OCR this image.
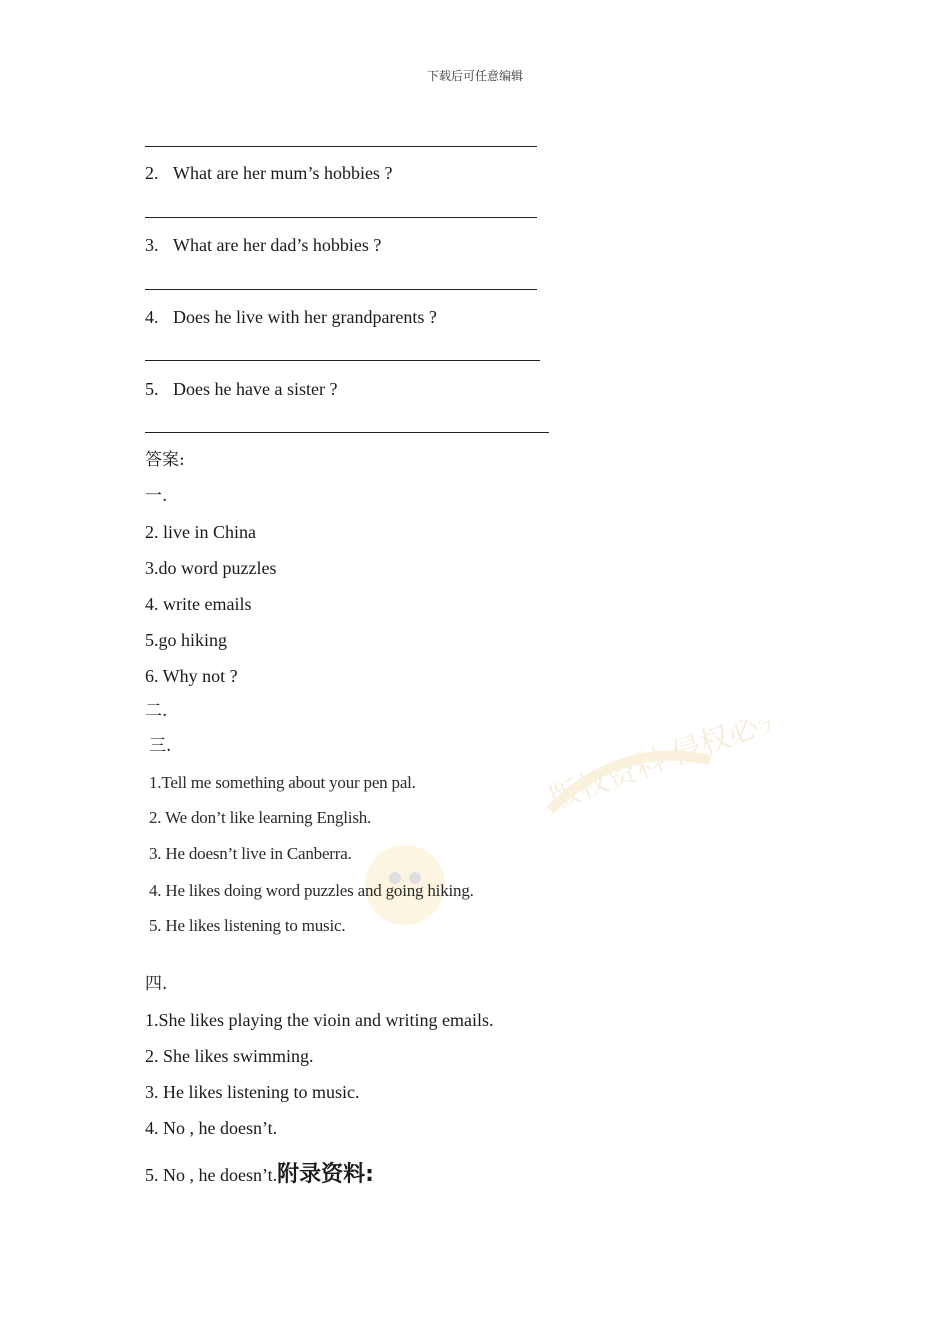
下载后可任意编辑
2. What are her mum’s hobbies ?
3. What are her dad’s hobbies ?
4. Does he live with her grandparents ?
5. Does he have a sister ?
答案:
一.
2. live in China
3.do word puzzles
4. write emails
5.go hiking
6. Why not ?
二.
三.	版权资料 侵权必究
1.Tell me something about your pen pal.
2. We don’t like learning English.
3. He doesn’t live in Canberra.
4. He likes doing word puzzles and going hiking.
5. He likes listening to music.
四.
1.She likes playing the vioin and writing emails.
2. She likes swimming.
3. He likes listening to music.
4. No , he doesn’t.
5. No , he doesn’t.附录资料:
